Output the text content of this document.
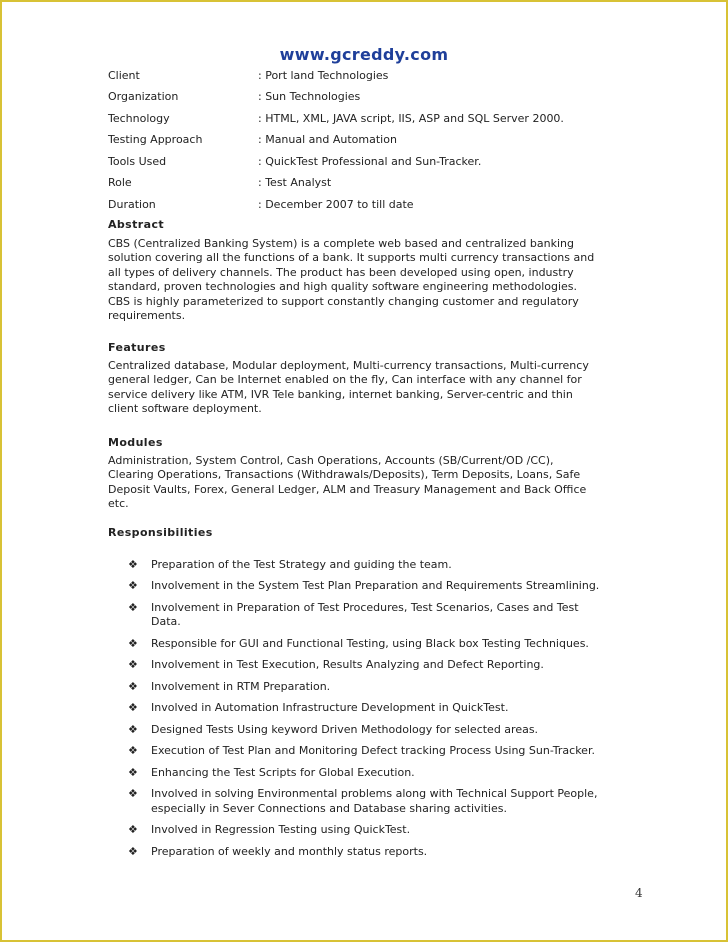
www.gcreddy.com
Client	: Port land Technologies
Organization	: Sun Technologies
Technology	: HTML, XML, JAVA script, IIS, ASP and SQL Server 2000.
Testing Approach	: Manual and Automation
Tools Used	: QuickTest Professional and Sun-Tracker.
Role	: Test Analyst
Duration	: December 2007 to till date

Abstract

CBS (Centralized Banking System) is a complete web based and centralized banking
solution covering all the functions of a bank. It supports multi currency transactions and
all types of delivery channels. The product has been developed using open, industry
standard, proven technologies and high quality software engineering methodologies.
CBS is highly parameterized to support constantly changing customer and regulatory
requirements.

Features

Centralized database, Modular deployment, Multi-currency transactions, Multi-currency
general ledger, Can be Internet enabled on the fly, Can interface with any channel for
service delivery like ATM, IVR Tele banking, internet banking, Server-centric and thin
client software deployment.

Modules

Administration, System Control, Cash Operations, Accounts (SB/Current/OD /CC),
Clearing Operations, Transactions (Withdrawals/Deposits), Term Deposits, Loans, Safe
Deposit Vaults, Forex, General Ledger, ALM and Treasury Management and Back Office
etc.

Responsibilities

❖ Preparation of the Test Strategy and guiding the team.
❖ Involvement in the System Test Plan Preparation and Requirements Streamlining.
❖ Involvement in Preparation of Test Procedures, Test Scenarios, Cases and Test
Data.
❖ Responsible for GUI and Functional Testing, using Black box Testing Techniques.
❖ Involvement in Test Execution, Results Analyzing and Defect Reporting.
❖ Involvement in RTM Preparation.
❖ Involved in Automation Infrastructure Development in QuickTest.
❖ Designed Tests Using keyword Driven Methodology for selected areas.
❖ Execution of Test Plan and Monitoring Defect tracking Process Using Sun-Tracker.
❖ Enhancing the Test Scripts for Global Execution.
❖ Involved in solving Environmental problems along with Technical Support People,
especially in Sever Connections and Database sharing activities.
❖ Involved in Regression Testing using QuickTest.
❖ Preparation of weekly and monthly status reports.
4
